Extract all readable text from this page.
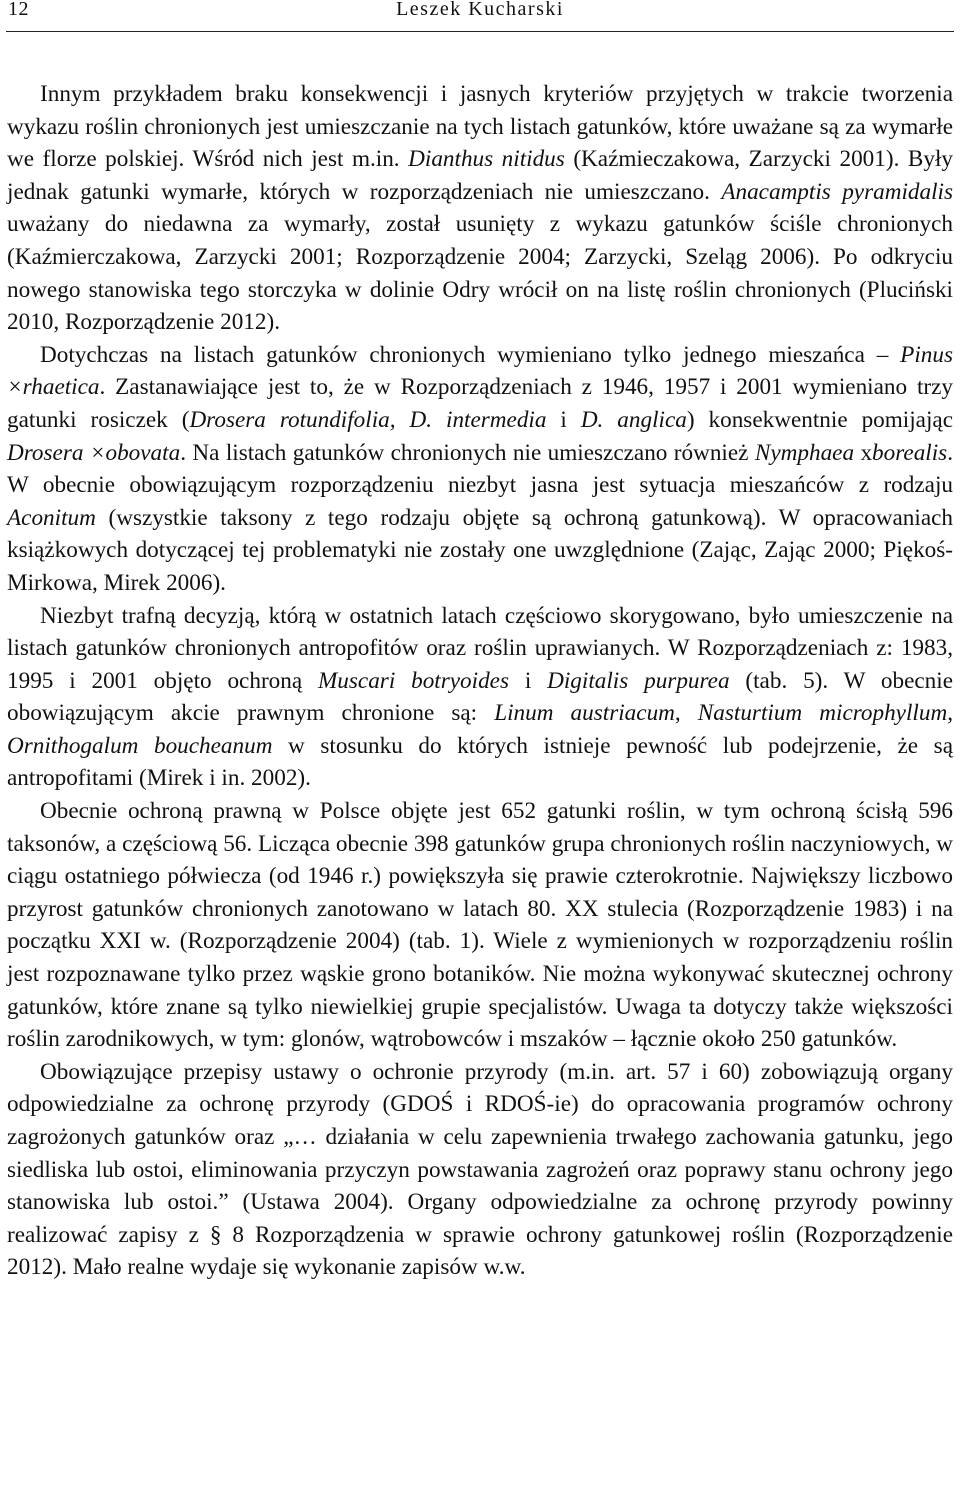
12	Leszek Kucharski

Innym przykładem braku konsekwencji i jasnych kryteriów przyjętych w trakcie tworzenia wykazu roślin chronionych jest umieszczanie na tych listach gatunków, które uważane są za wymarłe we florze polskiej. Wśród nich jest m.in. Dianthus nitidus (Kaźmieczakowa, Zarzycki 2001). Były jednak gatunki wymarłe, których w rozporządzeniach nie umieszczano. Anacamptis pyramidalis uważany do niedawna za wymarły, został usunięty z wykazu gatunków ściśle chronionych (Kaźmierczakowa, Zarzycki 2001; Rozporządzenie 2004; Zarzycki, Szeląg 2006). Po odkryciu nowego stanowiska tego storczyka w dolinie Odry wrócił on na listę roślin chronionych (Pluciński 2010, Rozporządzenie 2012).

Dotychczas na listach gatunków chronionych wymieniano tylko jednego mieszańca – Pinus ×rhaetica. Zastanawiające jest to, że w Rozporządzeniach z 1946, 1957 i 2001 wymieniano trzy gatunki rosiczek (Drosera rotundifolia, D. intermedia i D. anglica) konsekwentnie pomijając Drosera ×obovata. Na listach gatunków chronionych nie umieszczano również Nymphaea xborealis. W obecnie obowiązującym rozporządzeniu niezbyt jasna jest sytuacja mieszańców z rodzaju Aconitum (wszystkie taksony z tego rodzaju objęte są ochroną gatunkową). W opracowaniach książkowych dotyczącej tej problematyki nie zostały one uwzględnione (Zając, Zając 2000; Piękoś-Mirkowa, Mirek 2006).

Niezbyt trafną decyzją, którą w ostatnich latach częściowo skorygowano, było umieszczenie na listach gatunków chronionych antropofitów oraz roślin uprawianych. W Rozporządzeniach z: 1983, 1995 i 2001 objęto ochroną Muscari botryoides i Digitalis purpurea (tab. 5). W obecnie obowiązującym akcie prawnym chronione są: Linum austriacum, Nasturtium microphyllum, Ornithogalum boucheanum w stosunku do których istnieje pewność lub podejrzenie, że są antropofitami (Mirek i in. 2002).

Obecnie ochroną prawną w Polsce objęte jest 652 gatunki roślin, w tym ochroną ścisłą 596 taksonów, a częściową 56. Licząca obecnie 398 gatunków grupa chronionych roślin naczyniowych, w ciągu ostatniego półwiecza (od 1946 r.) powiększyła się prawie czterokrotnie. Największy liczbowo przyrost gatunków chronionych zanotowano w latach 80. XX stulecia (Rozporządzenie 1983) i na początku XXI w. (Rozporządzenie 2004) (tab. 1). Wiele z wymienionych w rozporządzeniu roślin jest rozpoznawane tylko przez wąskie grono botaników. Nie można wykonywać skutecznej ochrony gatunków, które znane są tylko niewielkiej grupie specjalistów. Uwaga ta dotyczy także większości roślin zarodnikowych, w tym: glonów, wątrobowców i mszaków – łącznie około 250 gatunków.

Obowiązujące przepisy ustawy o ochronie przyrody (m.in. art. 57 i 60) zobowiązują organy odpowiedzialne za ochronę przyrody (GDOŚ i RDOŚ-ie) do opracowania programów ochrony zagrożonych gatunków oraz „… działania w celu zapewnienia trwałego zachowania gatunku, jego siedliska lub ostoi, eliminowania przyczyn powstawania zagrożeń oraz poprawy stanu ochrony jego stanowiska lub ostoi.” (Ustawa 2004). Organy odpowiedzialne za ochronę przyrody powinny realizować zapisy z § 8 Rozporządzenia w sprawie ochrony gatunkowej roślin (Rozporządzenie 2012). Mało realne wydaje się wykonanie zapisów w.w.
